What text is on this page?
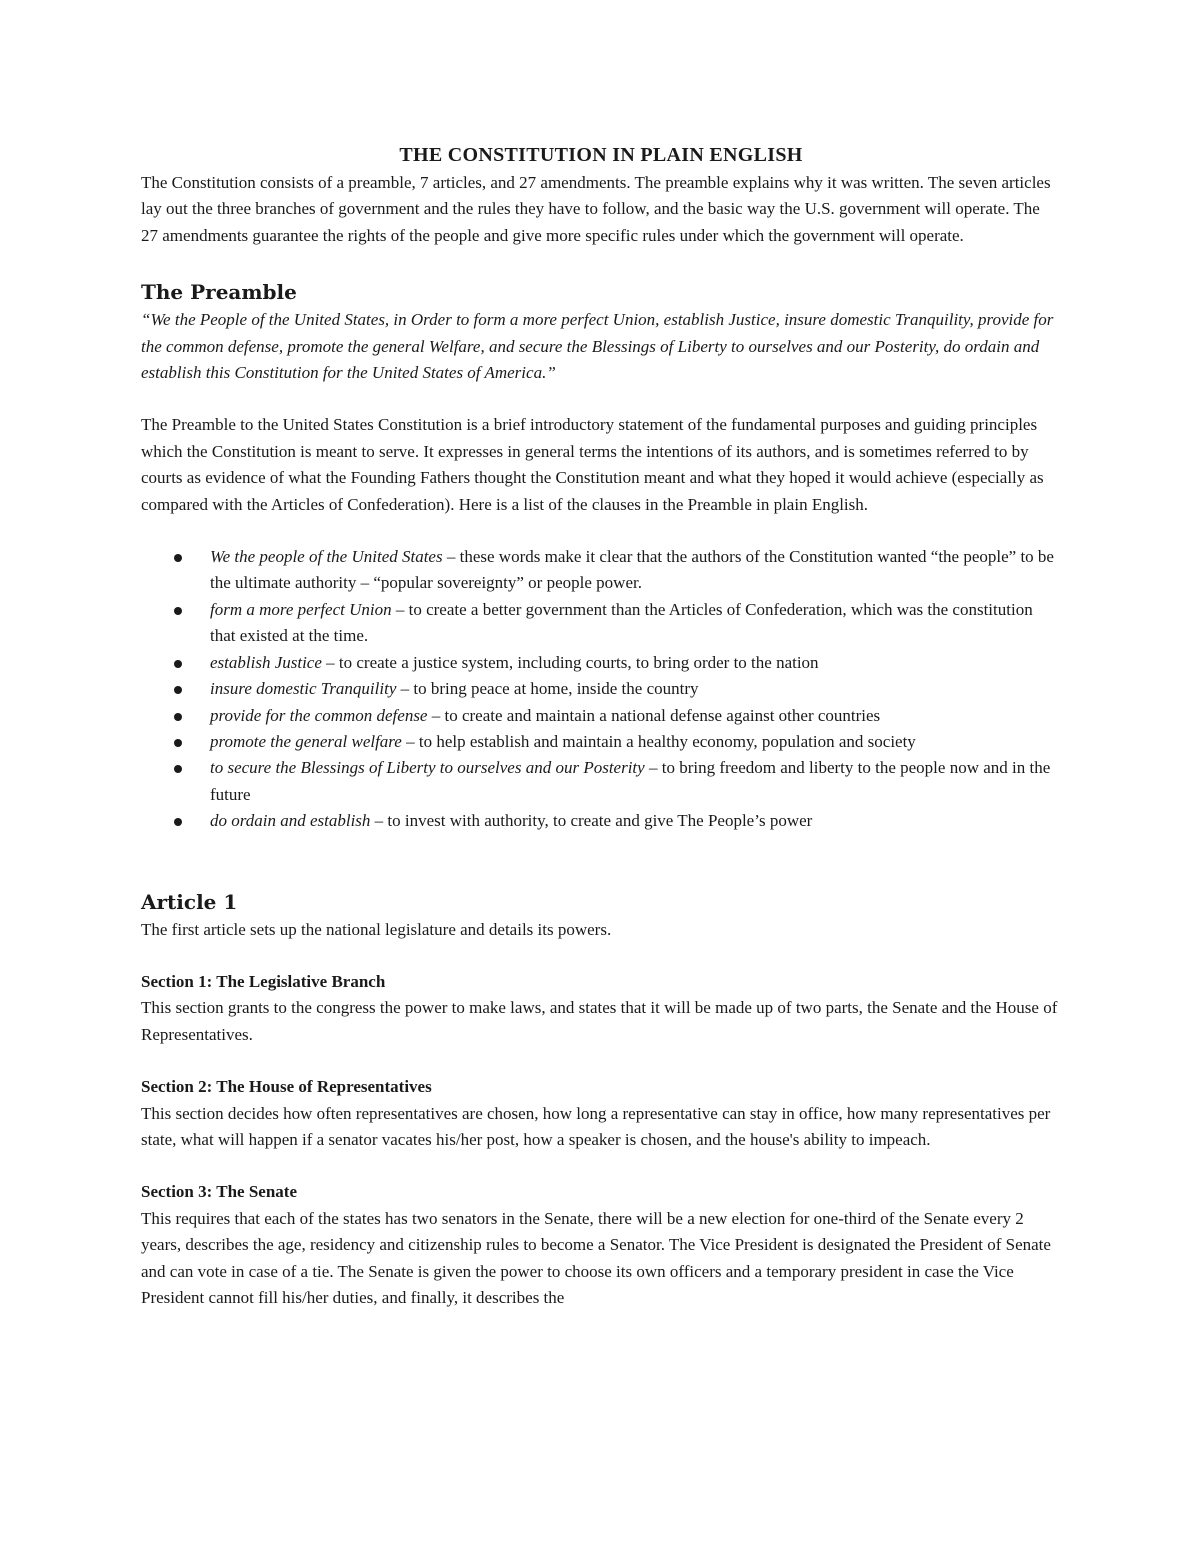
THE CONSTITUTION IN PLAIN ENGLISH

The Constitution consists of a preamble, 7 articles, and 27 amendments. The preamble explains why it was written. The seven articles lay out the three branches of government and the rules they have to follow, and the basic way the U.S. government will operate. The 27 amendments guarantee the rights of the people and give more specific rules under which the government will operate.

The Preamble

“We the People of the United States, in Order to form a more perfect Union, establish Justice, insure domestic Tranquility, provide for the common defense, promote the general Welfare, and secure the Blessings of Liberty to ourselves and our Posterity, do ordain and establish this Constitution for the United States of America.”

The Preamble to the United States Constitution is a brief introductory statement of the fundamental purposes and guiding principles which the Constitution is meant to serve. It expresses in general terms the intentions of its authors, and is sometimes referred to by courts as evidence of what the Founding Fathers thought the Constitution meant and what they hoped it would achieve (especially as compared with the Articles of Confederation). Here is a list of the clauses in the Preamble in plain English.

We the people of the United States – these words make it clear that the authors of the Constitution wanted “the people” to be the ultimate authority – “popular sovereignty” or people power.
form a more perfect Union – to create a better government than the Articles of Confederation, which was the constitution that existed at the time.
establish Justice – to create a justice system, including courts, to bring order to the nation
insure domestic Tranquility – to bring peace at home, inside the country
provide for the common defense – to create and maintain a national defense against other countries
promote the general welfare – to help establish and maintain a healthy economy, population and society
to secure the Blessings of Liberty to ourselves and our Posterity – to bring freedom and liberty to the people now and in the future
do ordain and establish – to invest with authority, to create and give The People’s power
Article 1

The first article sets up the national legislature and details its powers.

Section 1: The Legislative Branch

This section grants to the congress the power to make laws, and states that it will be made up of two parts, the Senate and the House of Representatives.

Section 2: The House of Representatives

This section decides how often representatives are chosen, how long a representative can stay in office, how many representatives per state, what will happen if a senator vacates his/her post, how a speaker is chosen, and the house's ability to impeach.

Section 3: The Senate

This requires that each of the states has two senators in the Senate, there will be a new election for one-third of the Senate every 2 years, describes the age, residency and citizenship rules to become a Senator. The Vice President is designated the President of Senate and can vote in case of a tie. The Senate is given the power to choose its own officers and a temporary president in case the Vice President cannot fill his/her duties, and finally, it describes the
